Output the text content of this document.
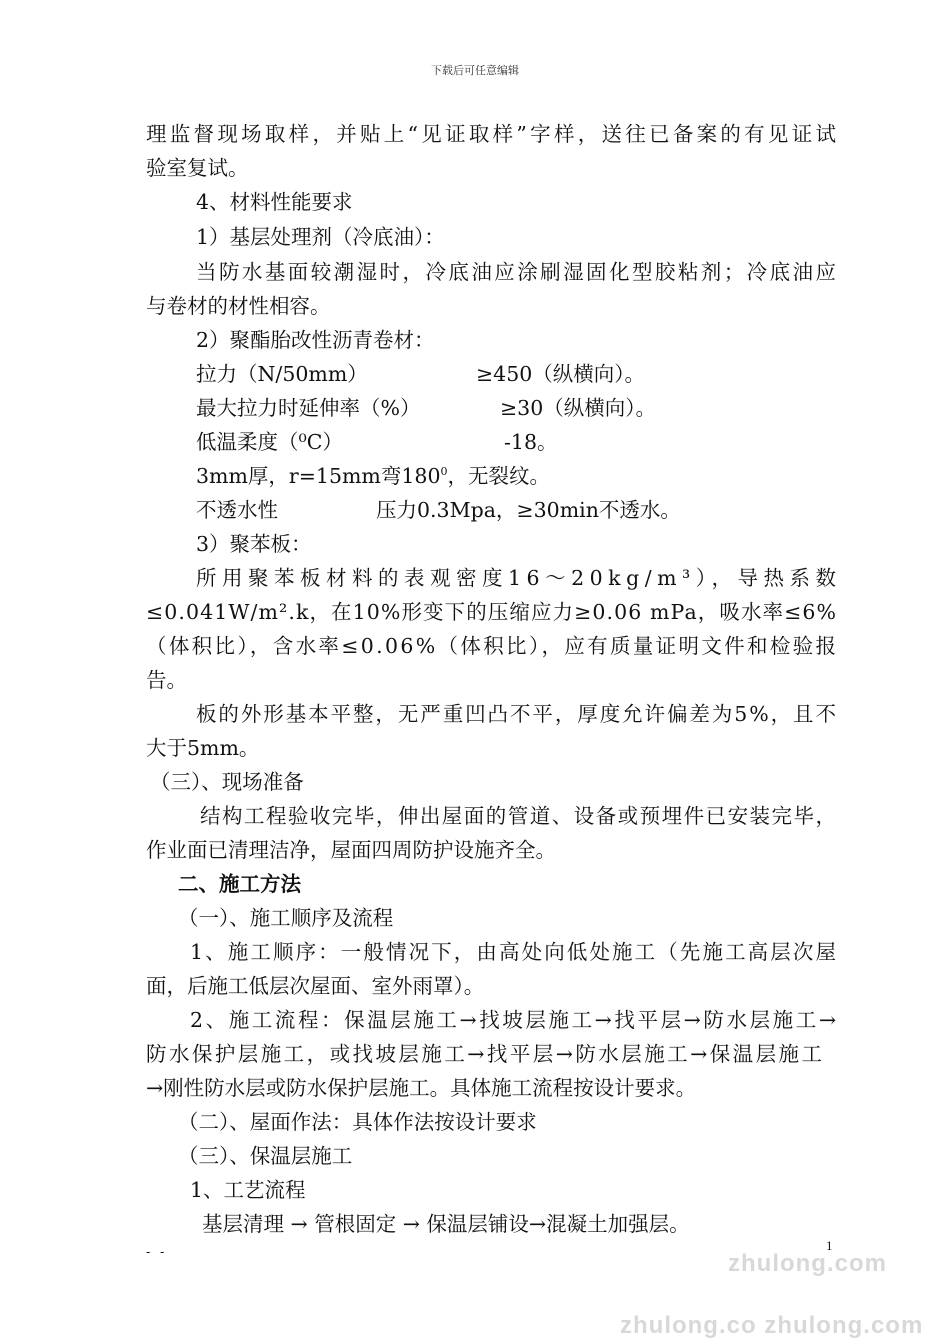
下载后可任意编辑
理监督现场取样，并贴上“见证取样”字样，送往已备案的有见证试
验室复试。
4、材料性能要求
1）基层处理剂（冷底油）：
当防水基面较潮湿时，冷底油应涂刷湿固化型胶粘剂；冷底油应
与卷材的材性相容。
2）聚酯胎改性沥青卷材：
拉力（N/50mm）	≥450（纵横向）。
最大拉力时延伸率（%）	≥30（纵横向）。
低温柔度（⁰C）	-18。
3mm厚，r=15mm弯$180^0$，无裂纹。
不透水性	压力0.3Mpa，≥30min不透水。
3）聚苯板：
所用聚苯板材料的表观密度16～20kg/m³），导热系数
≤0.041W/m².k，在10%形变下的压缩应力≥0.06 mPa，吸水率≤6%
（体积比），含水率≤0.06%（体积比），应有质量证明文件和检验报
告。
板的外形基本平整，无严重凹凸不平，厚度允许偏差为5%，且不
大于5mm。
（三）、现场准备
结构工程验收完毕，伸出屋面的管道、设备或预埋件已安装完毕，
作业面已清理洁净，屋面四周防护设施齐全。
二、施工方法
（一）、施工顺序及流程
1、施工顺序：一般情况下，由高处向低处施工（先施工高层次屋
面，后施工低层次屋面、室外雨罩）。
2、施工流程：保温层施工→找坡层施工→找平层→防水层施工→
防水保护层施工，或找坡层施工→找平层→防水层施工→保温层施工
→刚性防水层或防水保护层施工。具体施工流程按设计要求。
（二）、屋面作法：具体作法按设计要求
（三）、保温层施工
1、工艺流程
基层清理 → 管根固定 → 保温层铺设→混凝土加强层。
1
- -	zhulong.com
zhulong.co zhulong.com
